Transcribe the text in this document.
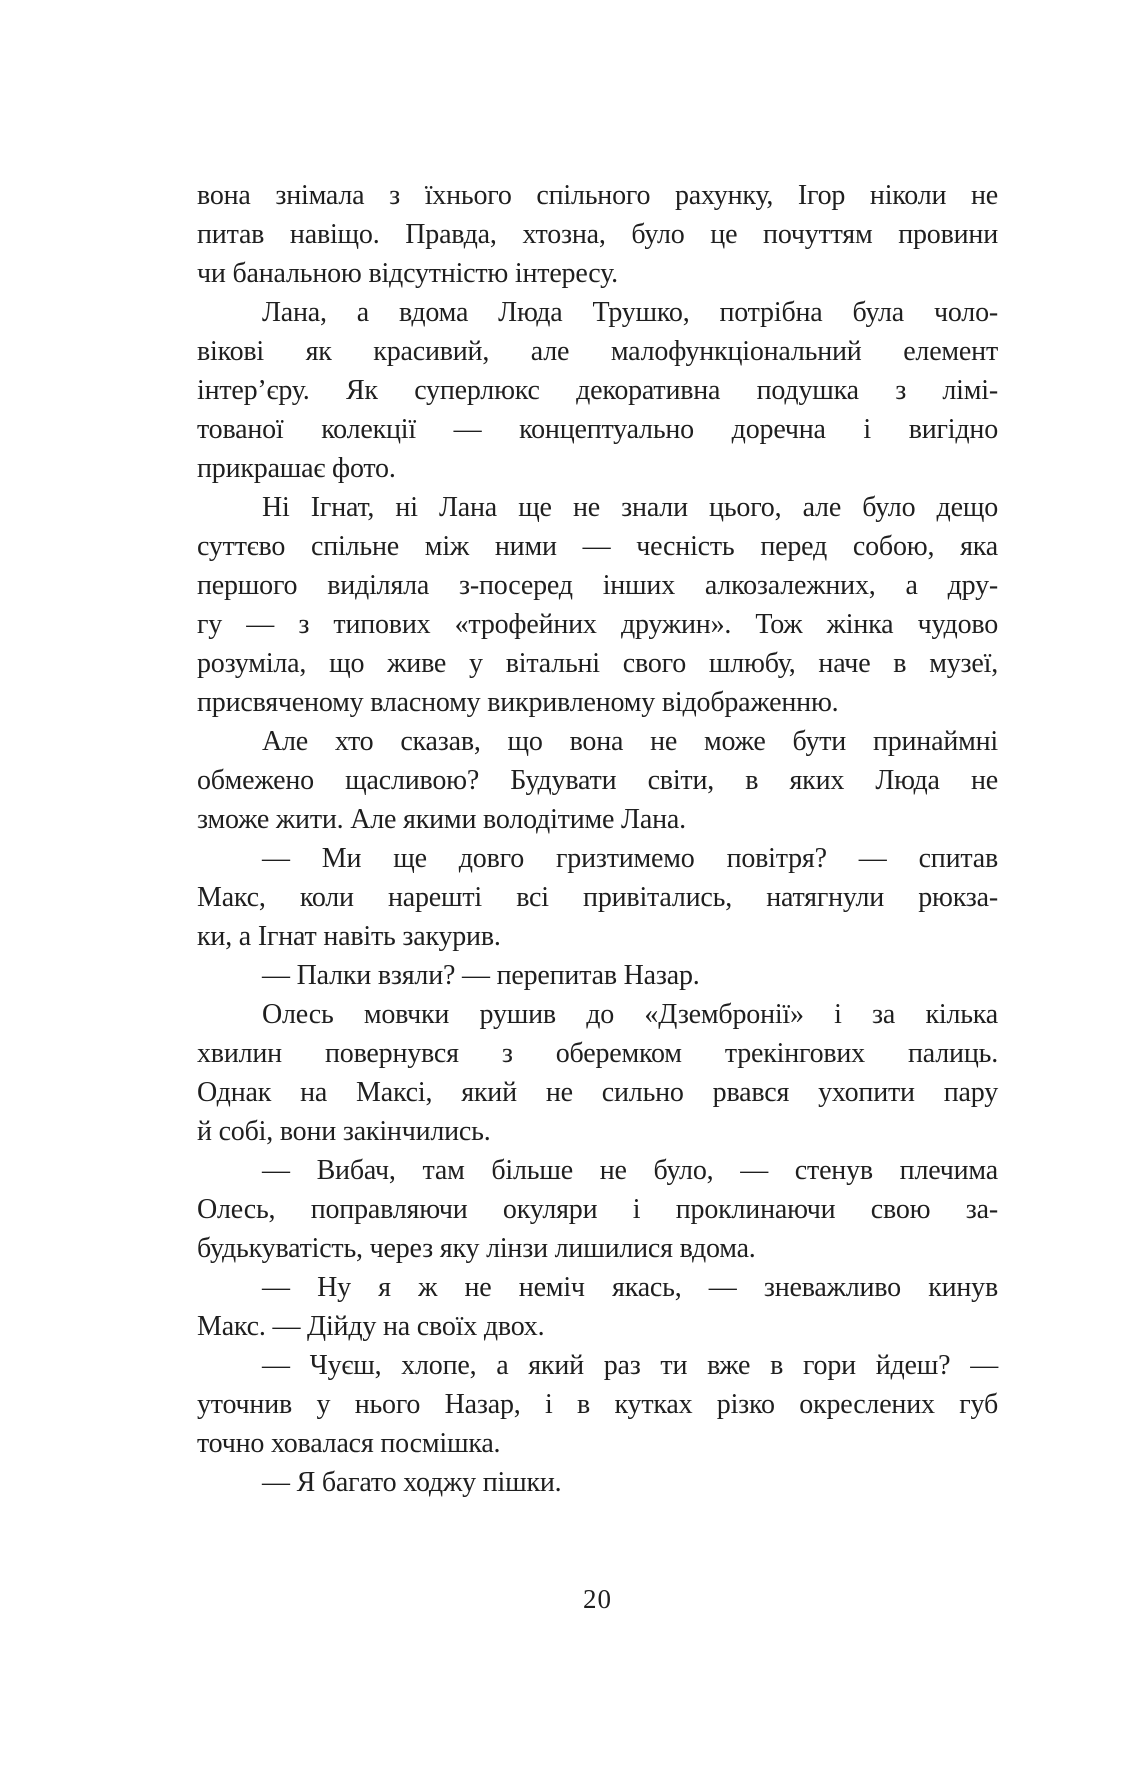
вона знімала з їхнього спільного рахунку, Ігор ніколи не
питав навіщо. Правда, хтозна, було це почуттям провини
чи банальною відсутністю інтересу.
Лана, а вдома Люда Трушко, потрібна була чоло-
вікові як красивий, але малофункціональний елемент
інтер’єру. Як суперлюкс декоративна подушка з лімі-
тованої колекції — концептуально доречна і вигідно
прикрашає фото.
Ні Ігнат, ні Лана ще не знали цього, але було дещо
суттєво спільне між ними — чесність перед собою, яка
першого виділяла з-посеред інших алкозалежних, а дру-
гу — з типових «трофейних дружин». Тож жінка чудово
розуміла, що живе у вітальні свого шлюбу, наче в музеї,
присвяченому власному викривленому відображенню.
Але хто сказав, що вона не може бути принаймні
обмежено щасливою? Будувати світи, в яких Люда не
зможе жити. Але якими володітиме Лана.
— Ми ще довго гризтимемо повітря? — спитав
Макс, коли нарешті всі привітались, натягнули рюкза-
ки, а Ігнат навіть закурив.
— Палки взяли? — перепитав Назар.
Олесь мовчки рушив до «Дзембронії» і за кілька
хвилин повернувся з оберемком трекінгових палиць.
Однак на Максі, який не сильно рвався ухопити пару
й собі, вони закінчились.
— Вибач, там більше не було, — стенув плечима
Олесь, поправляючи окуляри і проклинаючи свою за-
будькуватість, через яку лінзи лишилися вдома.
— Ну я ж не неміч якась, — зневажливо кинув
Макс. — Дійду на своїх двох.
— Чуєш, хлопе, а який раз ти вже в гори йдеш? —
уточнив у нього Назар, і в кутках різко окреслених губ
точно ховалася посмішка.
— Я багато ходжу пішки.
20
